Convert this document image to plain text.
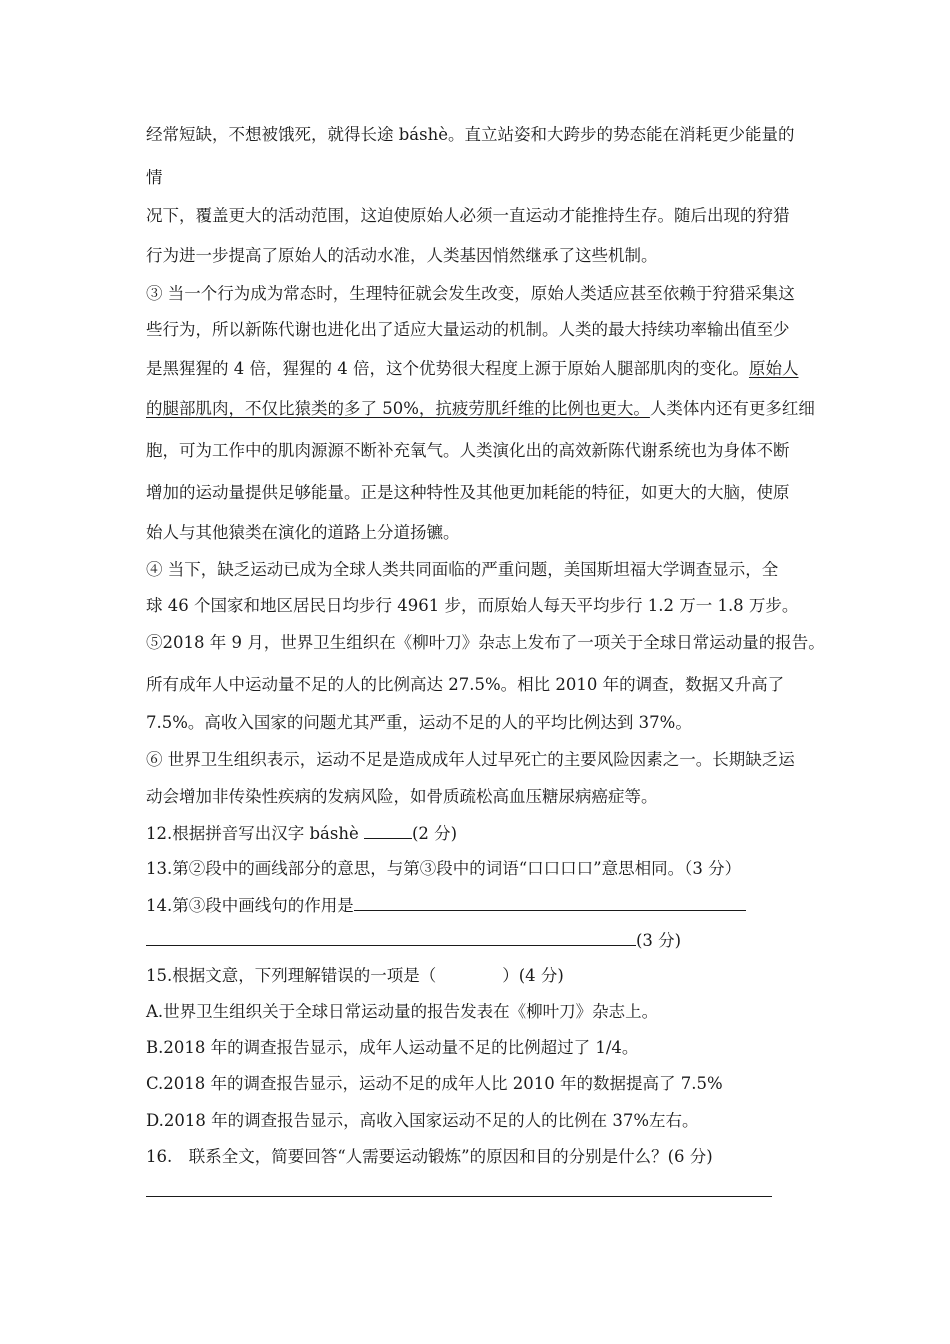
经常短缺，不想被饿死，就得长途 báshè。直立站姿和大跨步的势态能在消耗更少能量的
情
况下，覆盖更大的活动范围，这迫使原始人必须一直运动才能推持生存。随后出现的狩猎
行为进一步提高了原始人的活动水准，人类基因悄然继承了这些机制。
③ 当一个行为成为常态时，生理特征就会发生改变，原始人类适应甚至依赖于狩猎采集这
些行为，所以新陈代谢也进化出了适应大量运动的机制。人类的最大持续功率输出值至少
是黑猩猩的 4 倍，猩猩的 4 倍，这个优势很大程度上源于原始人腿部肌肉的变化。原始人
的腿部肌肉，不仅比猿类的多了 50%，抗疲劳肌纤维的比例也更大。人类体内还有更多红细
胞，可为工作中的肌肉源源不断补充氧气。人类演化出的高效新陈代谢系统也为身体不断
增加的运动量提供足够能量。正是这种特性及其他更加耗能的特征，如更大的大脑，使原
始人与其他猿类在演化的道路上分道扬镳。
④ 当下，缺乏运动已成为全球人类共同面临的严重问题，美国斯坦福大学调查显示，全
球 46 个国家和地区居民日均步行 4961 步，而原始人每天平均步行 1.2 万一 1.8 万步。
⑤2018 年 9 月，世界卫生组织在《柳叶刀》杂志上发布了一项关于全球日常运动量的报告。
所有成年人中运动量不足的人的比例高达 27.5%。相比 2010 年的调查，数据又升高了
7.5%。高收入国家的问题尤其严重，运动不足的人的平均比例达到 37%。
⑥ 世界卫生组织表示，运动不足是造成成年人过早死亡的主要风险因素之一。长期缺乏运
动会增加非传染性疾病的发病风险，如骨质疏松高血压糖尿病癌症等。
12.根据拼音写出汉字 báshè	(2 分)
13.第②段中的画线部分的意思，与第③段中的词语“口口口口”意思相同。（3 分）
14.第③段中画线句的作用是
(3 分)
15.根据文意，下列理解错误的一项是（　　　　）(4 分)
A.世界卫生组织关于全球日常运动量的报告发表在《柳叶刀》杂志上。
B.2018 年的调查报告显示，成年人运动量不足的比例超过了 1/4。
C.2018 年的调查报告显示，运动不足的成年人比 2010 年的数据提高了 7.5%
D.2018 年的调查报告显示，高收入国家运动不足的人的比例在 37%左右。
16.　联系全文，简要回答“人需要运动锻炼”的原因和目的分别是什么？(6 分)
